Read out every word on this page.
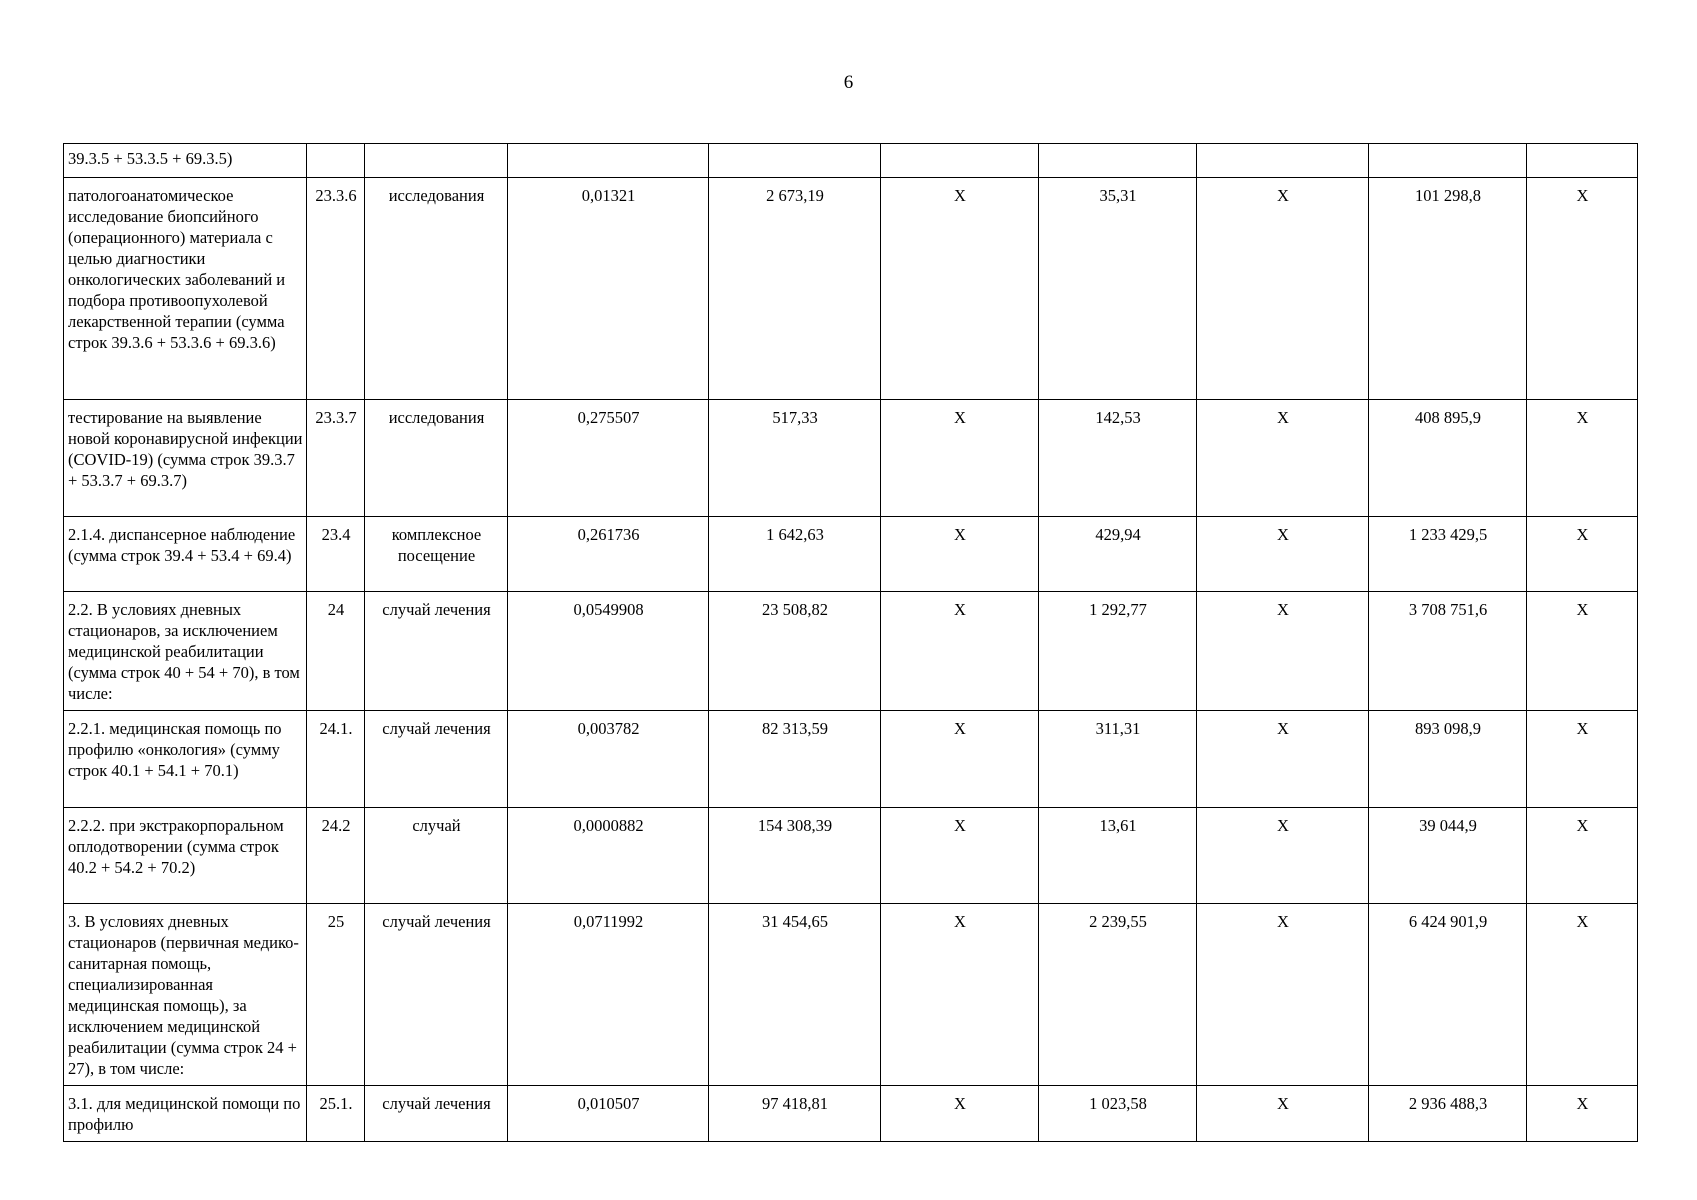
6
39.3.5 + 53.3.5 + 69.3.5)									
патологоанатомическое исследование биопсийного (операционного) материала с целью диагностики онкологических заболеваний и подбора противоопухолевой лекарственной терапии (сумма строк 39.3.6 + 53.3.6 + 69.3.6)	23.3.6	исследования	0,01321	2 673,19	Х	35,31	Х	101 298,8	Х
тестирование на выявление новой коронавирусной инфекции (COVID-19) (сумма строк 39.3.7 + 53.3.7 + 69.3.7)	23.3.7	исследования	0,275507	517,33	Х	142,53	Х	408 895,9	Х
2.1.4. диспансерное наблюдение (сумма строк 39.4 + 53.4 + 69.4)	23.4	комплексное посещение	0,261736	1 642,63	Х	429,94	Х	1 233 429,5	Х
2.2. В условиях дневных стационаров, за исключением медицинской реабилитации (сумма строк 40 + 54 + 70), в том числе:	24	случай лечения	0,0549908	23 508,82	Х	1 292,77	Х	3 708 751,6	Х
2.2.1. медицинская помощь по профилю «онкология» (сумму строк 40.1 + 54.1 + 70.1)	24.1.	случай лечения	0,003782	82 313,59	Х	311,31	Х	893 098,9	Х
2.2.2. при экстракорпоральном оплодотворении (сумма строк 40.2 + 54.2 + 70.2)	24.2	случай	0,0000882	154 308,39	Х	13,61	Х	39 044,9	Х
3. В условиях дневных стационаров (первичная медико-санитарная помощь, специализированная медицинская помощь), за исключением медицинской реабилитации (сумма строк 24 + 27), в том числе:	25	случай лечения	0,0711992	31 454,65	Х	2 239,55	Х	6 424 901,9	Х
3.1. для медицинской помощи по профилю	25.1.	случай лечения	0,010507	97 418,81	Х	1 023,58	Х	2 936 488,3	Х
